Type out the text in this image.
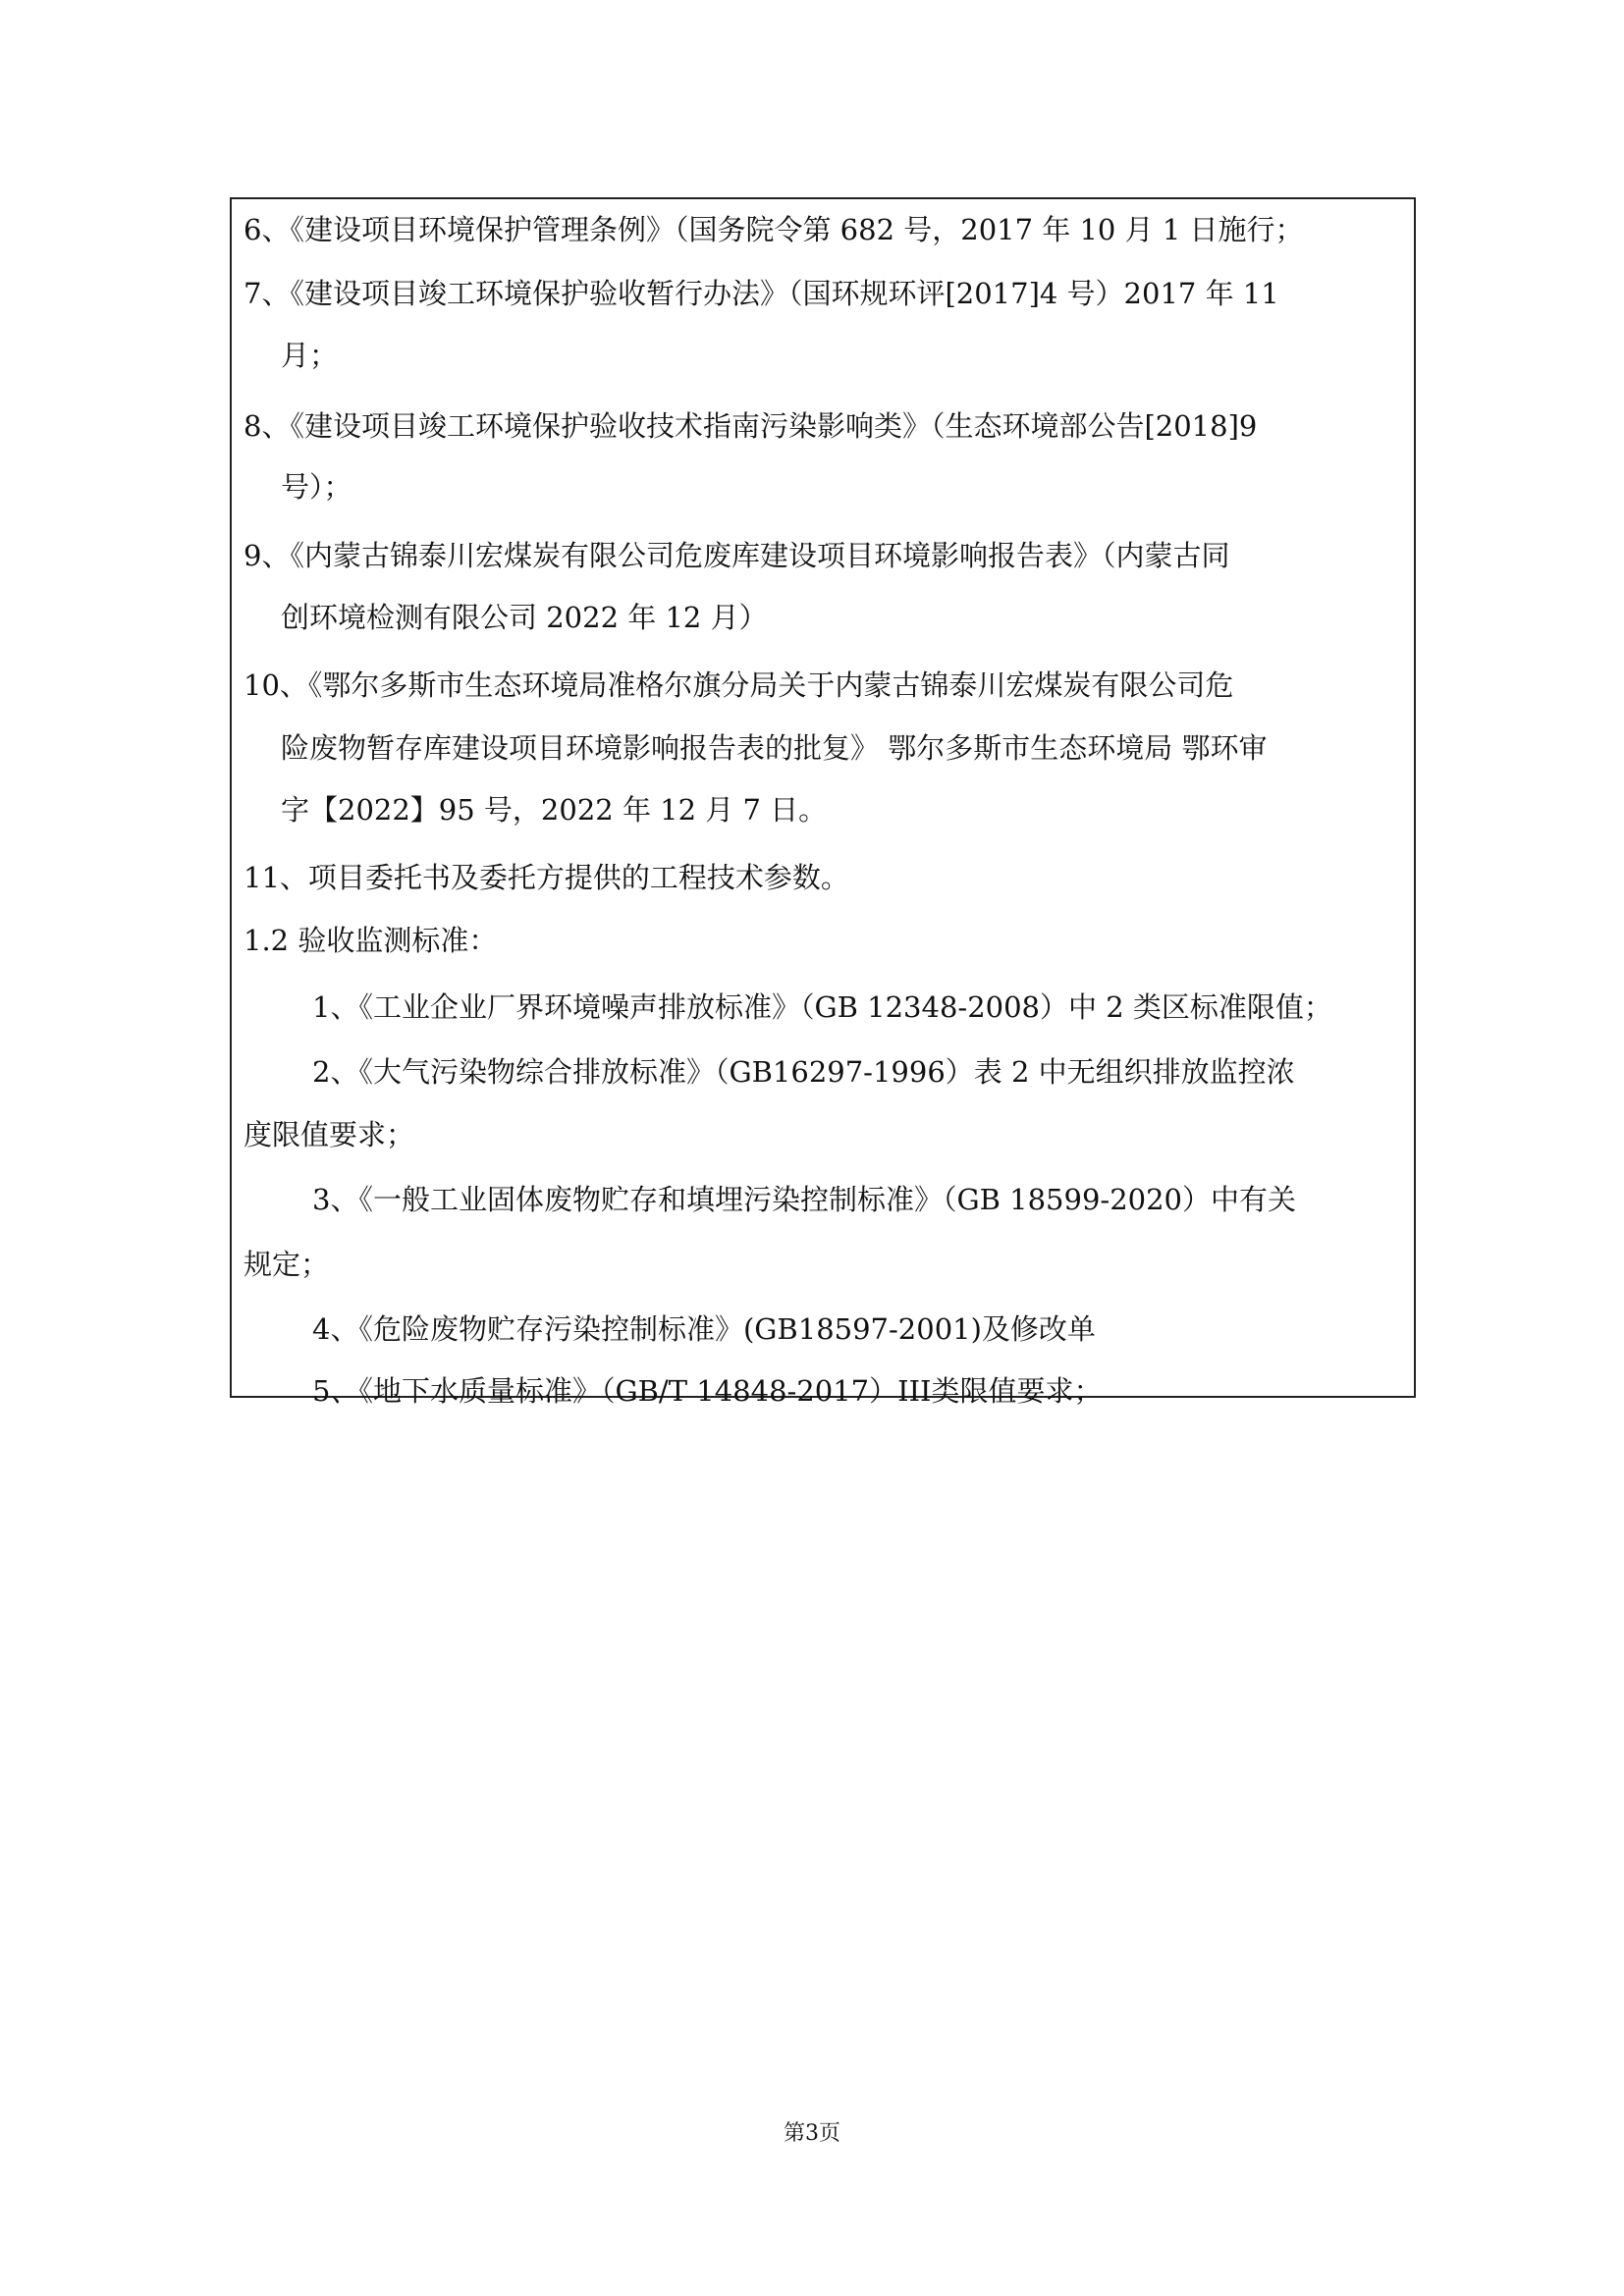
6、《建设项目环境保护管理条例》（国务院令第 682 号，2017 年 10 月 1 日施行；
7、《建设项目竣工环境保护验收暂行办法》（国环规环评[2017]4 号）2017 年 11
月；
8、《建设项目竣工环境保护验收技术指南污染影响类》（生态环境部公告[2018]9
号）；
9、《内蒙古锦泰川宏煤炭有限公司危废库建设项目环境影响报告表》（内蒙古同
创环境检测有限公司 2022 年 12 月）
10、《鄂尔多斯市生态环境局准格尔旗分局关于内蒙古锦泰川宏煤炭有限公司危
险废物暂存库建设项目环境影响报告表的批复》 鄂尔多斯市生态环境局 鄂环审
字【2022】95 号，2022 年 12 月 7 日。
11、项目委托书及委托方提供的工程技术参数。
1.2 验收监测标准：
1、《工业企业厂界环境噪声排放标准》（GB 12348-2008）中 2 类区标准限值；
2、《大气污染物综合排放标准》（GB16297-1996）表 2 中无组织排放监控浓
度限值要求；
3、《一般工业固体废物贮存和填埋污染控制标准》（GB 18599-2020）中有关
规定；
4、《危险废物贮存污染控制标准》(GB18597-2001)及修改单
5、《地下水质量标准》（GB/T 14848-2017）III类限值要求；
第3页
